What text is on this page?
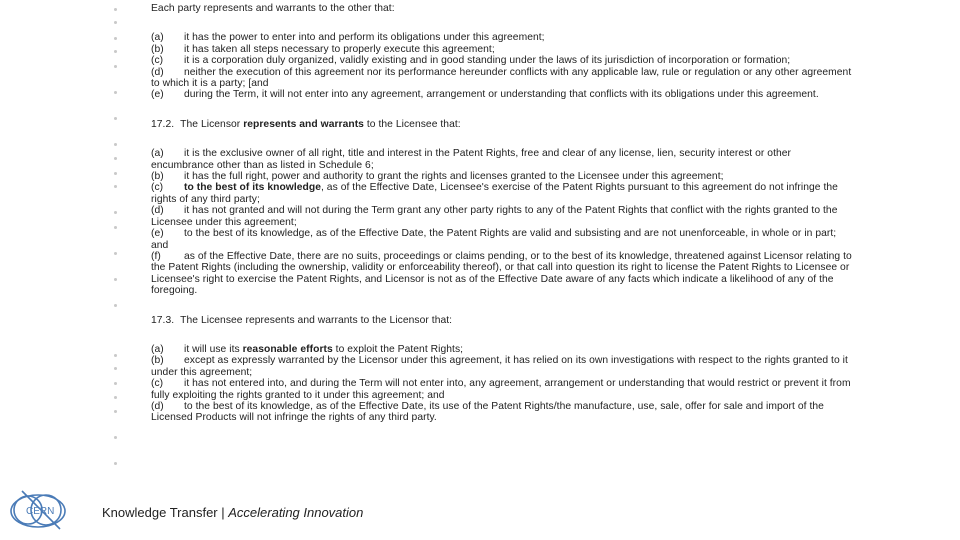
Each party represents and warrants to the other that:

(a) it has the power to enter into and perform its obligations under this agreement;

(b) it has taken all steps necessary to properly execute this agreement;

(c) it is a corporation duly organized, validly existing and in good standing under the laws of its jurisdiction of incorporation or formation;

(d) neither the execution of this agreement nor its performance hereunder conflicts with any applicable law, rule or regulation or any other agreement to which it is a party; [and

(e) during the Term, it will not enter into any agreement, arrangement or understanding that conflicts with its obligations under this agreement.

17.2. The Licensor represents and warrants to the Licensee that:

(a) it is the exclusive owner of all right, title and interest in the Patent Rights, free and clear of any license, lien, security interest or other encumbrance other than as listed in Schedule 6;

(b) it has the full right, power and authority to grant the rights and licenses granted to the Licensee under this agreement;

(c) to the best of its knowledge, as of the Effective Date, Licensee's exercise of the Patent Rights pursuant to this agreement do not infringe the rights of any third party;

(d) it has not granted and will not during the Term grant any other party rights to any of the Patent Rights that conflict with the rights granted to the Licensee under this agreement;

(e) to the best of its knowledge, as of the Effective Date, the Patent Rights are valid and subsisting and are not unenforceable, in whole or in part; and

(f) as of the Effective Date, there are no suits, proceedings or claims pending, or to the best of its knowledge, threatened against Licensor relating to the Patent Rights (including the ownership, validity or enforceability thereof), or that call into question its right to license the Patent Rights to Licensee or Licensee's right to exercise the Patent Rights, and Licensor is not as of the Effective Date aware of any facts which indicate a likelihood of any of the foregoing.

17.3. The Licensee represents and warrants to the Licensor that:

(a) it will use its reasonable efforts to exploit the Patent Rights;

(b) except as expressly warranted by the Licensor under this agreement, it has relied on its own investigations with respect to the rights granted to it under this agreement;

(c) it has not entered into, and during the Term will not enter into, any agreement, arrangement or understanding that would restrict or prevent it from fully exploiting the rights granted to it under this agreement; and

(d) to the best of its knowledge, as of the Effective Date, its use of the Patent Rights/the manufacture, use, sale, offer for sale and import of the Licensed Products will not infringe the rights of any third party.

CERN	Knowledge Transfer | Accelerating Innovation
